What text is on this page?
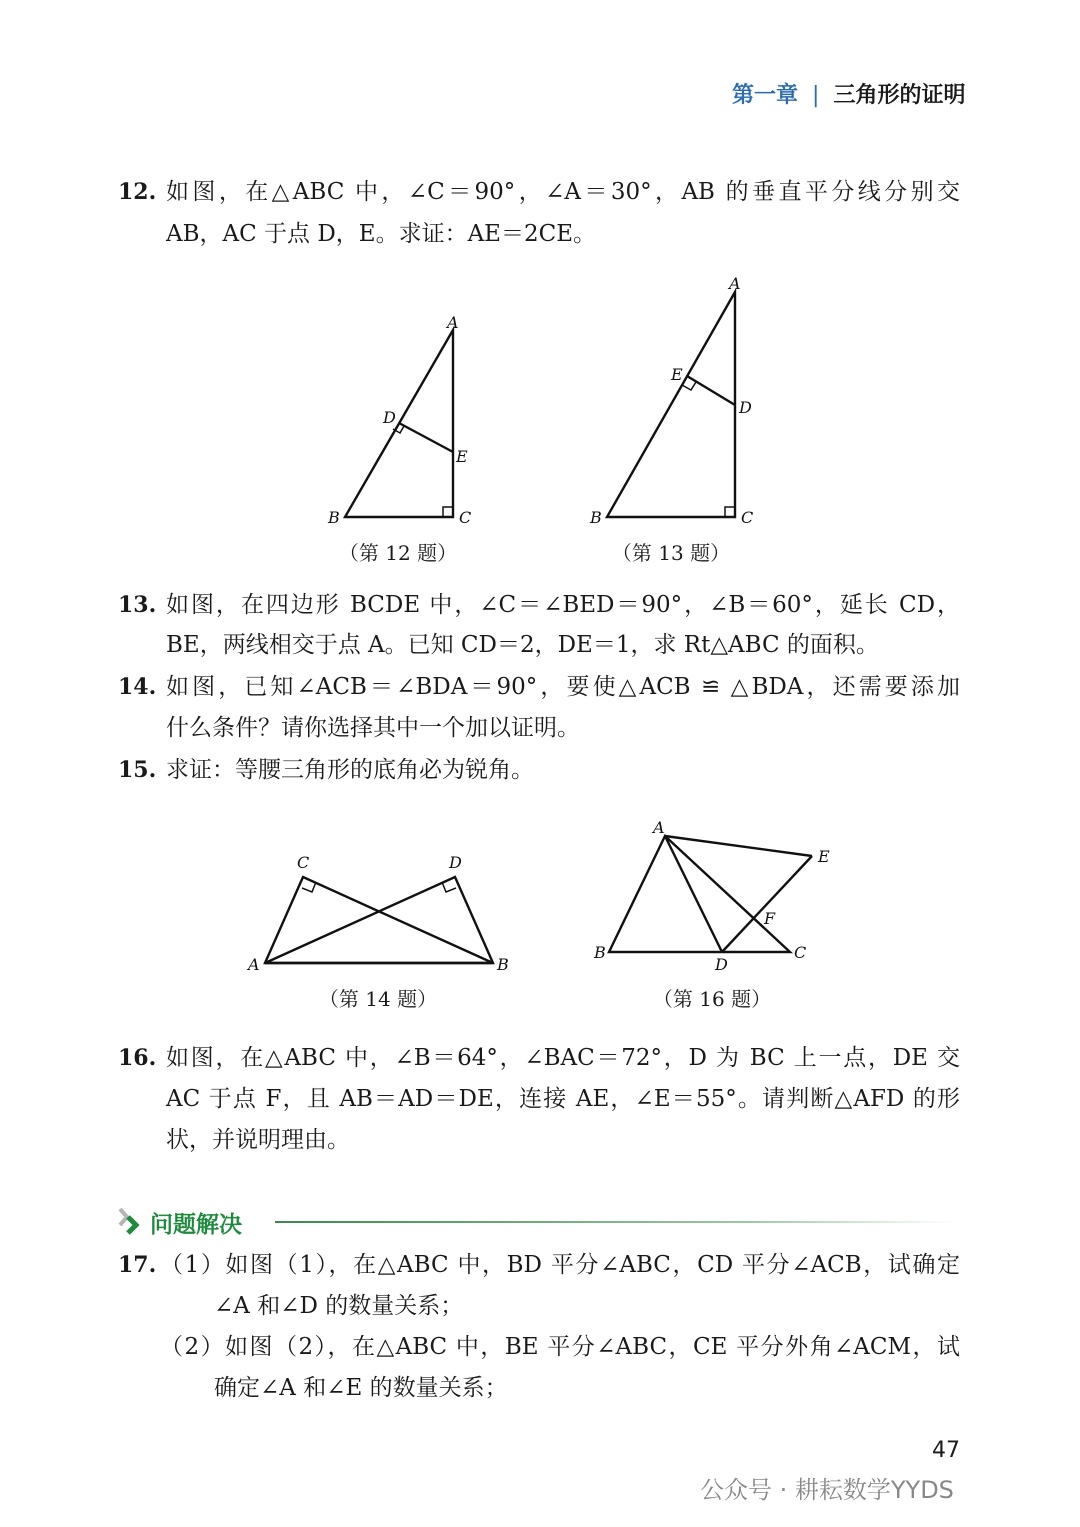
第一章 | 三角形的证明
12. 如图，在△ABC 中，∠C＝90°，∠A＝30°，AB 的垂直平分线分别交
AB，AC 于点 D，E。求证：AE＝2CE。
13. 如图，在四边形 BCDE 中，∠C＝∠BED＝90°，∠B＝60°，延长 CD，
BE，两线相交于点 A。已知 CD＝2，DE＝1，求 Rt△ABC 的面积。
14. 如图，已知∠ACB＝∠BDA＝90°，要使△ACB ≌ △BDA，还需要添加
什么条件？请你选择其中一个加以证明。
15. 求证：等腰三角形的底角必为锐角。
16. 如图，在△ABC 中，∠B＝64°，∠BAC＝72°，D 为 BC 上一点，DE 交
AC 于点 F，且 AB＝AD＝DE，连接 AE，∠E＝55°。请判断△AFD 的形
状，并说明理由。
问题解决
17. （1）如图（1），在△ABC 中，BD 平分∠ABC，CD 平分∠ACB，试确定
∠A 和∠D 的数量关系；
（2）如图（2），在△ABC 中，BE 平分∠ABC，CE 平分外角∠ACM，试
确定∠A 和∠E 的数量关系；
A
B	C
D
E
A
B	C
D
E
A	B
C	D
A
B	C
D
E
F
（第 12 题）	（第 13 题）
（第 14 题）	（第 16 题）
47
公众号 · 耕耘数学YYDS
